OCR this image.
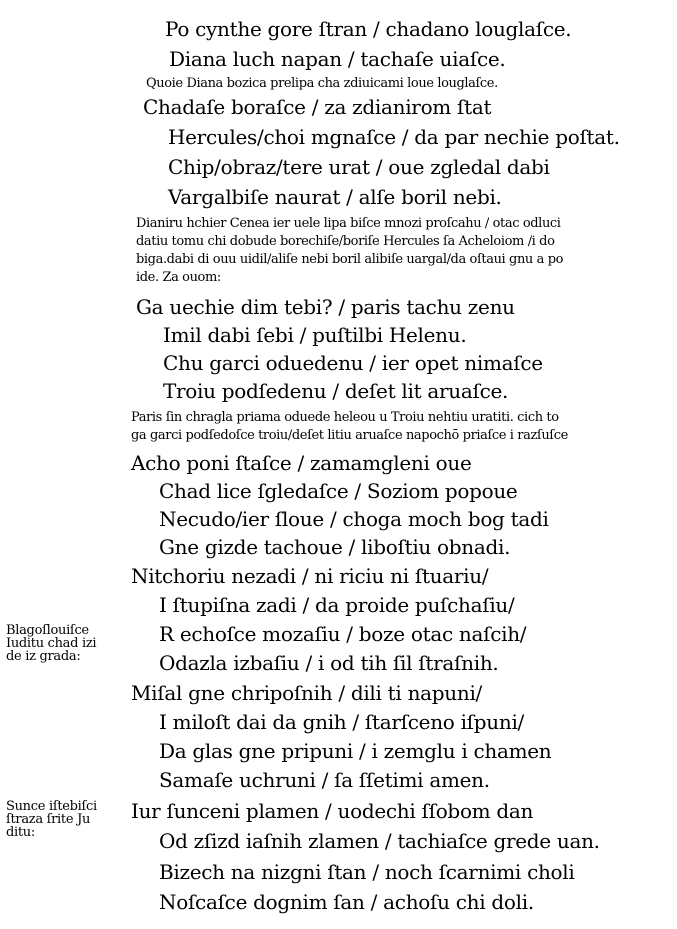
Po cynthe gore ſtran / chadano louglaſce.
Diana luch napan / tachaſe uiaſce.
Quoie Diana bozica prelipa cha zdiuicami loue louglaſce.
Chadaſe boraſce / za zdianirom ſtat
Hercules/choi mgnaſce / da par nechie poſtat.
Chip/obraz/tere urat / oue zgledal dabi
Vargalbiſe naurat / alſe boril nebi.
Dianiru hchier Cenea ier uele lipa biſce mnozi proſcahu / otac odluci
datiu tomu chi dobude borechiſe/boriſe Hercules ſa Acheloiom /i do
biga.dabi di ouu uidil/aliſe nebi boril alibiſe uargal/da oſtaui gnu a po
ide. Za ouom:
Ga uechie dim tebi? / paris tachu zenu
Imil dabi ſebi / puſtilbi Helenu.
Chu garci oduedenu / ier opet nimaſce
Troiu podſedenu / deſet lit aruaſce.
Paris ſin chragla priama oduede heleou u Troiu nehtiu uratiti. cich to
ga garci podſedoſce troiu/deſet litiu aruaſce napochō priaſce i razſuſce
Acho poni ſtaſce / zamamgleni oue
Chad lice ſgledaſce / Soziom popoue
Necudo/ier ſloue / choga moch bog tadi
Gne gizde tachoue / liboſtiu obnadi.
Nitchoriu nezadi / ni riciu ni ſtuariu/
I ſtupiſna zadi / da proide puſchaſiu/
R echoſce mozaſiu / boze otac naſcih/
Odazla izbaſiu / i od tih ſil ſtraſnih.
Miſal gne chripoſnih / dili ti napuni/
I miloſt dai da gnih / ſtarſceno iſpuni/
Da glas gne pripuni / i zemglu i chamen
Samaſe uchruni / ſa ſſetimi amen.
Iur ſunceni plamen / uodechi ſſobom dan
Od zſizd iaſnih zlamen / tachiaſce grede uan.
Bizech na nizgni ſtan / noch ſcarnimi choli
Noſcaſce dognim ſan / achoſu chi doli.
Blagoſlouiſce
Iuditu chad izi
de iz grada:
Sunce iſtebiſci
ſtraza ſrite Ju
ditu:
